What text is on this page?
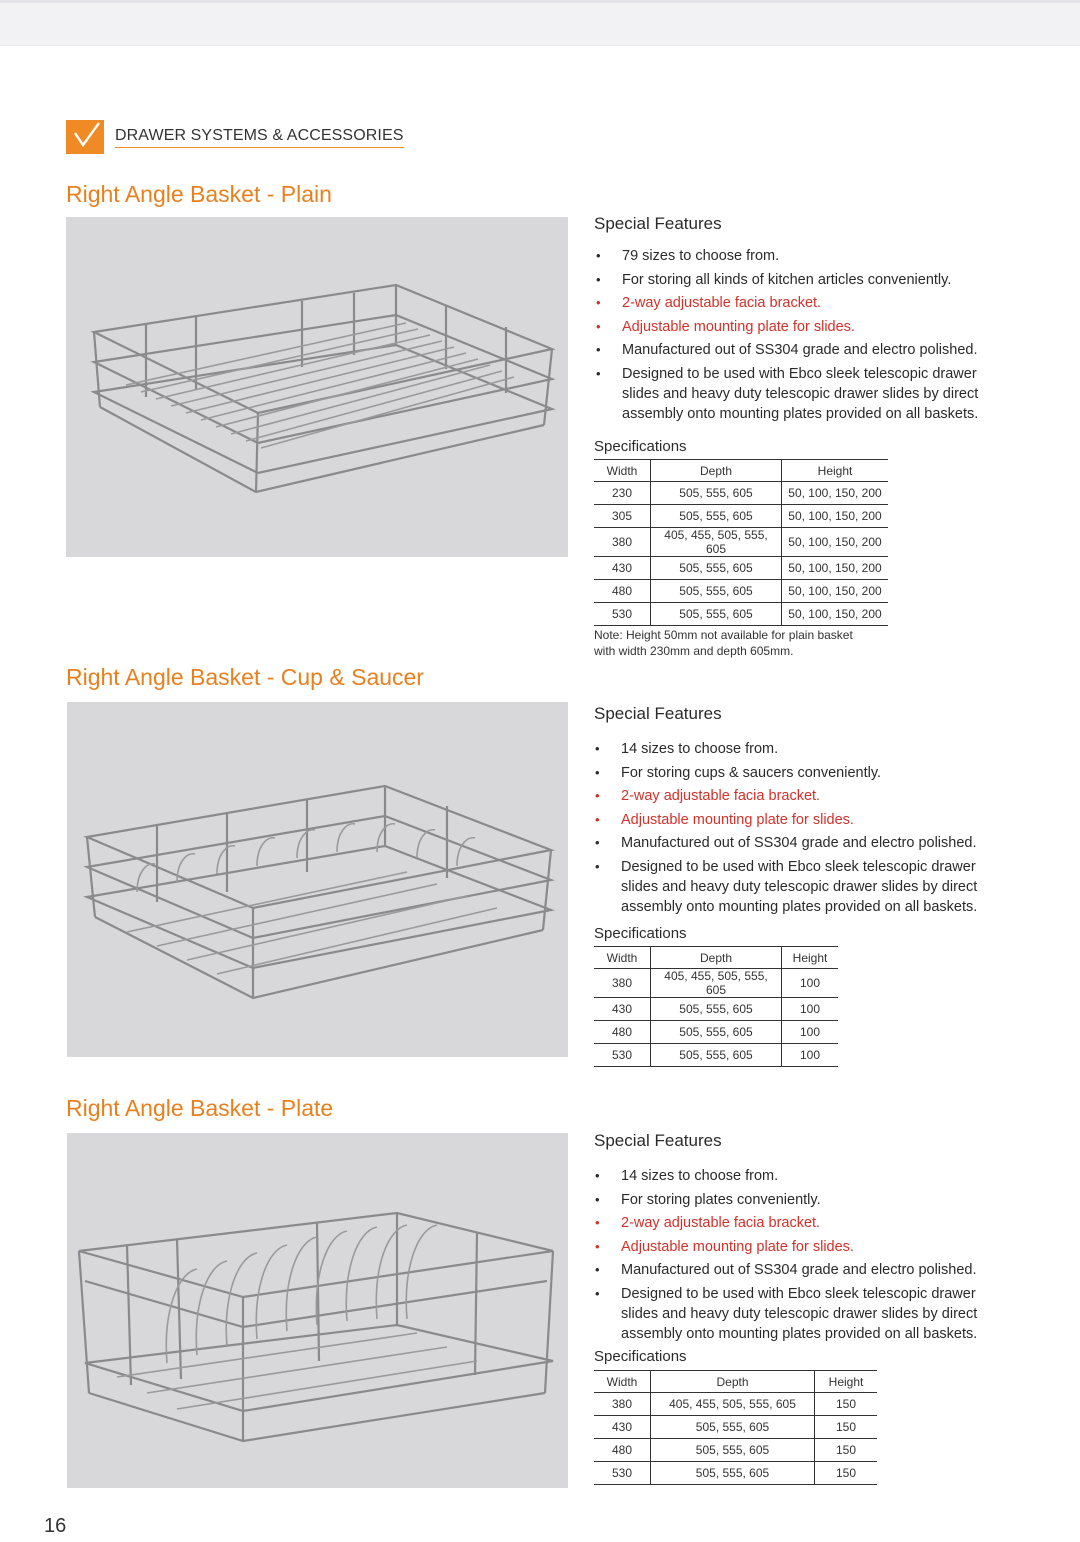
DRAWER SYSTEMS & ACCESSORIES
Right Angle Basket - Plain
Special Features
• 79 sizes to choose from.
• For storing all kinds of kitchen articles conveniently.
• 2-way adjustable facia bracket.
• Adjustable mounting plate for slides.
• Manufactured out of SS304 grade and electro polished.
• Designed to be used with Ebco sleek telescopic drawer slides and heavy duty telescopic drawer slides by direct assembly onto mounting plates provided on all baskets.
Specifications
Width	Depth	Height
230	505, 555, 605	50, 100, 150, 200
305	505, 555, 605	50, 100, 150, 200
380	405, 455, 505, 555, 605	50, 100, 150, 200
430	505, 555, 605	50, 100, 150, 200
480	505, 555, 605	50, 100, 150, 200
530	505, 555, 605	50, 100, 150, 200
Note: Height 50mm not available for plain basket with width 230mm and depth 605mm.
Right Angle Basket - Cup & Saucer
Special Features
• 14 sizes to choose from.
• For storing cups & saucers conveniently.
• 2-way adjustable facia bracket.
• Adjustable mounting plate for slides.
• Manufactured out of SS304 grade and electro polished.
• Designed to be used with Ebco sleek telescopic drawer slides and heavy duty telescopic drawer slides by direct assembly onto mounting plates provided on all baskets.
Specifications
Width	Depth	Height
380	405, 455, 505, 555, 605	100
430	505, 555, 605	100
480	505, 555, 605	100
530	505, 555, 605	100
Right Angle Basket - Plate
Special Features
• 14 sizes to choose from.
• For storing plates conveniently.
• 2-way adjustable facia bracket.
• Adjustable mounting plate for slides.
• Manufactured out of SS304 grade and electro polished.
• Designed to be used with Ebco sleek telescopic drawer slides and heavy duty telescopic drawer slides by direct assembly onto mounting plates provided on all baskets.
Specifications
Width	Depth	Height
380	405, 455, 505, 555, 605	150
430	505, 555, 605	150
480	505, 555, 605	150
530	505, 555, 605	150
16
